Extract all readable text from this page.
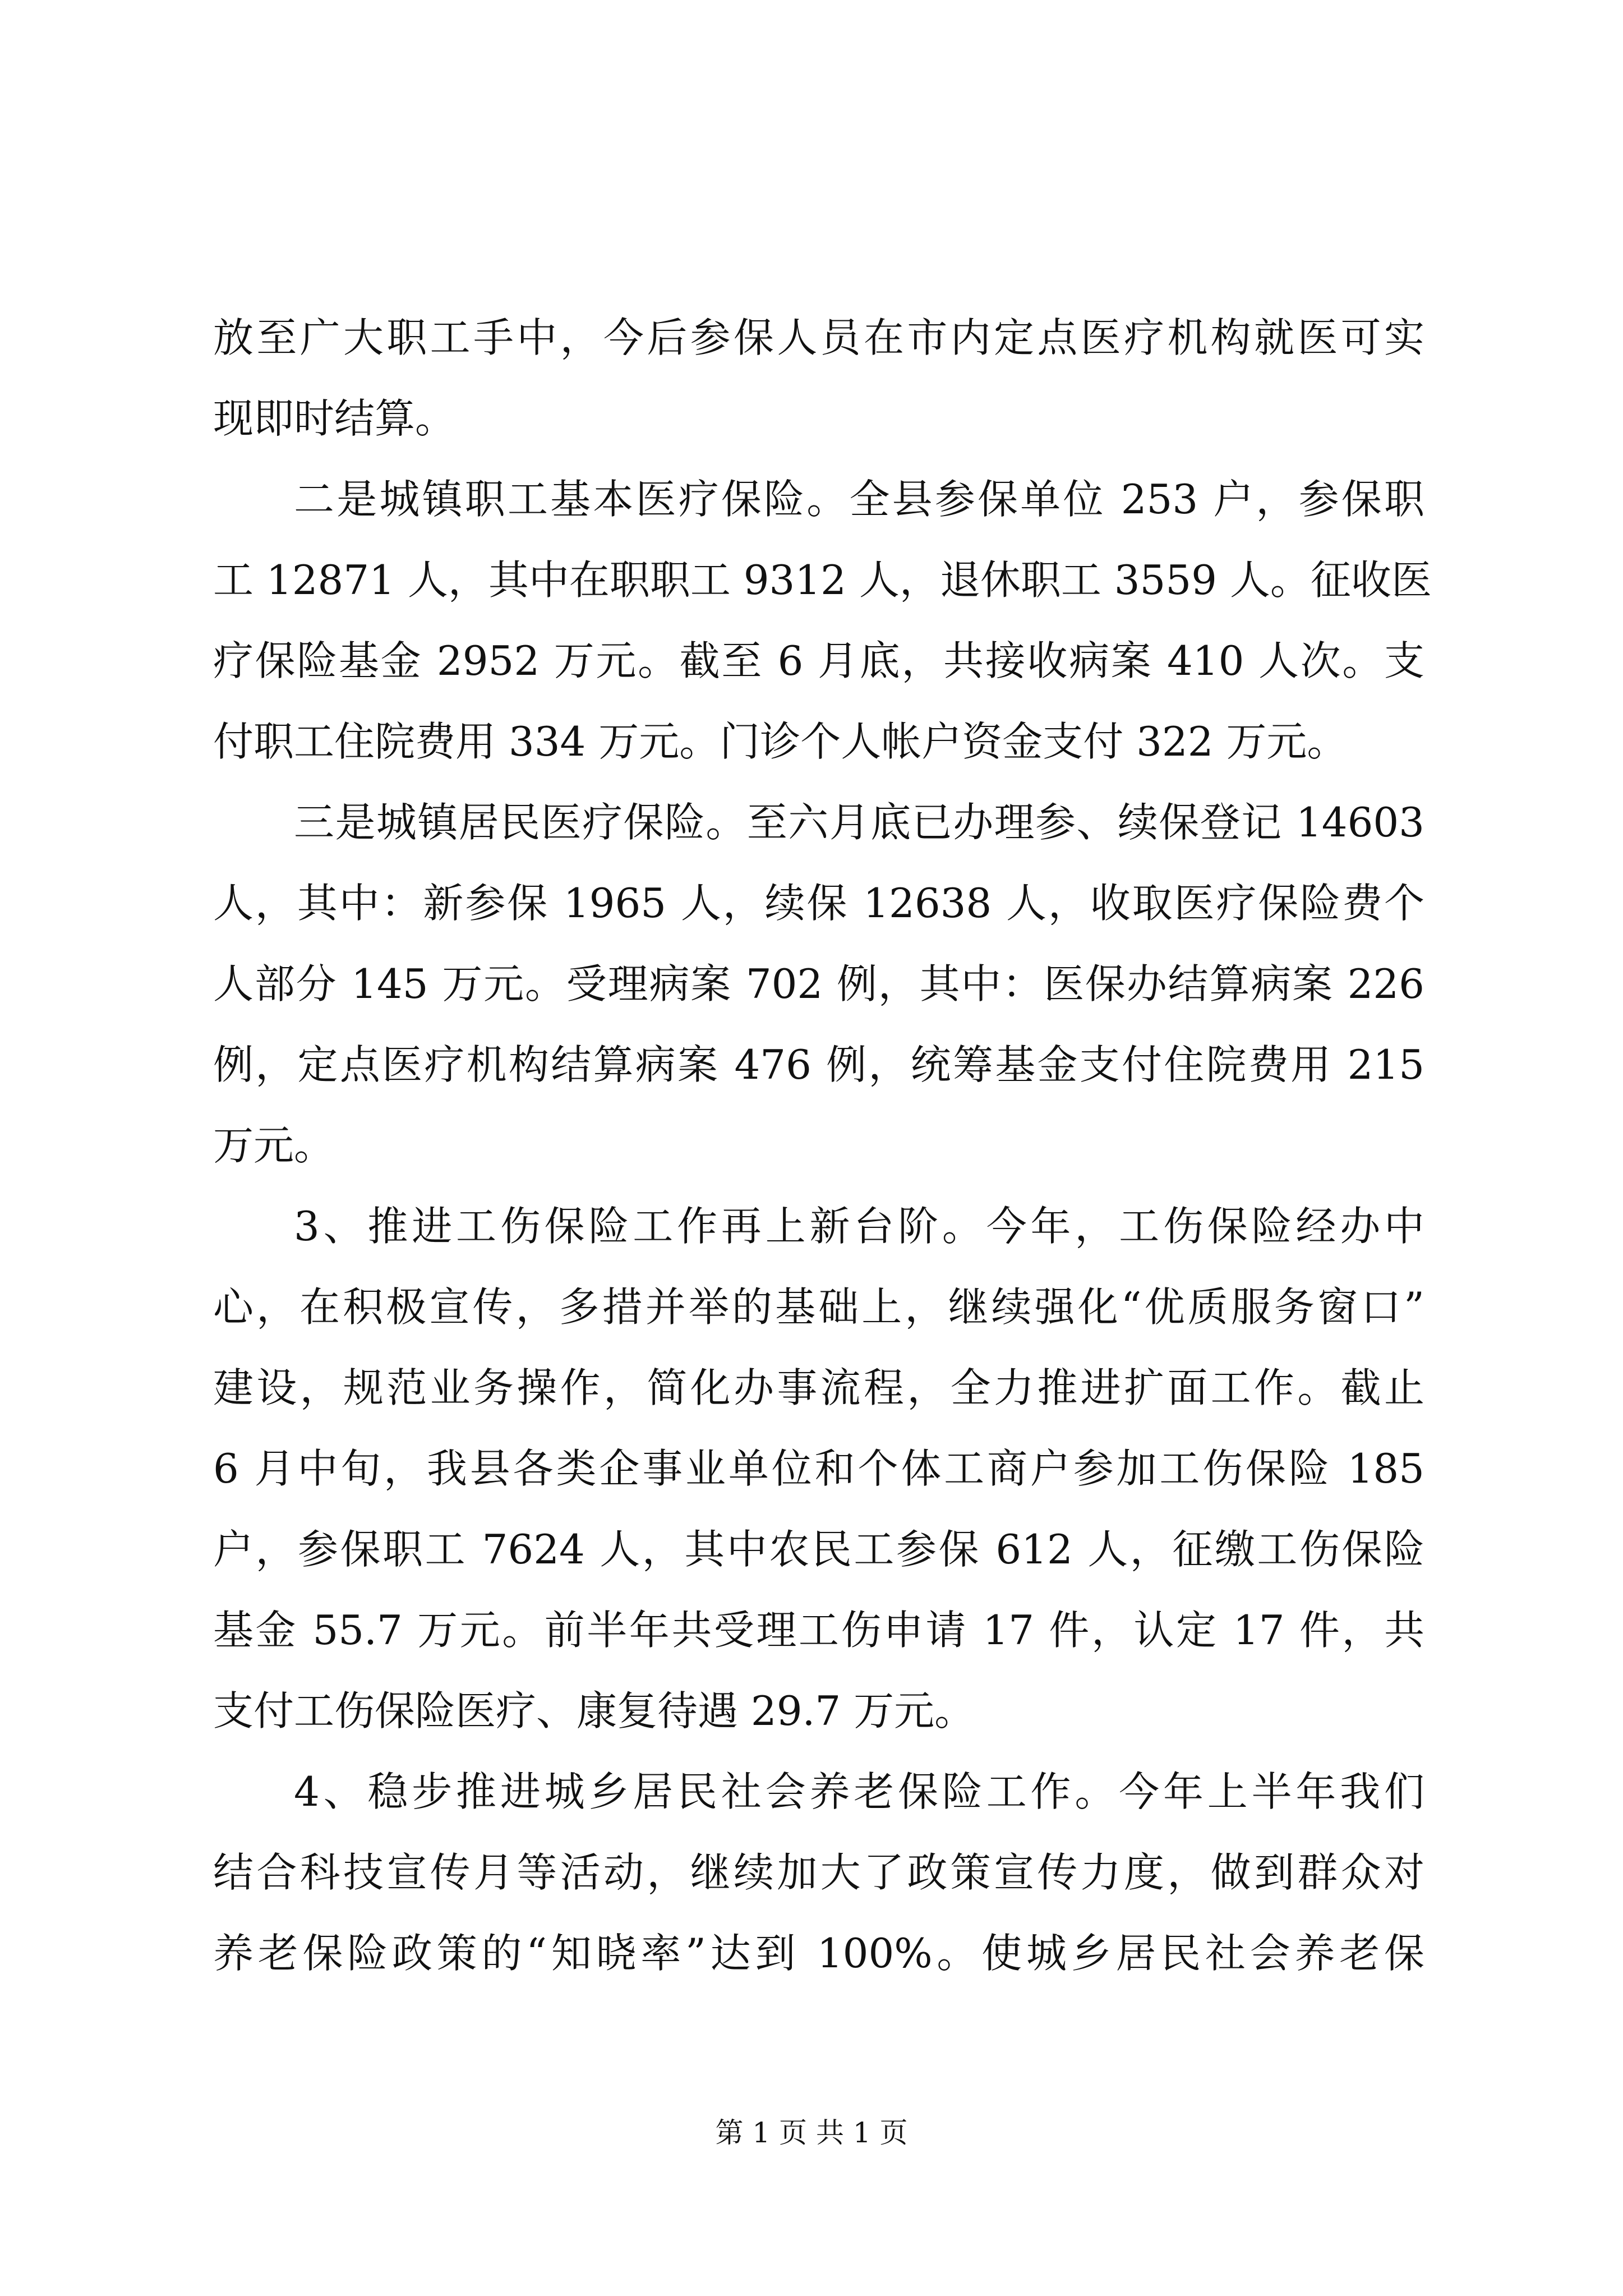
放至广大职工手中，今后参保人员在市内定点医疗机构就医可实
现即时结算。
二是城镇职工基本医疗保险。全县参保单位 253 户，参保职
工 12871 人，其中在职职工 9312 人，退休职工 3559 人。征收医
疗保险基金 2952 万元。截至 6 月底，共接收病案 410 人次。支
付职工住院费用 334 万元。门诊个人帐户资金支付 322 万元。
三是城镇居民医疗保险。至六月底已办理参、续保登记 14603
人，其中：新参保 1965 人，续保 12638 人，收取医疗保险费个
人部分 145 万元。受理病案 702 例，其中：医保办结算病案 226
例，定点医疗机构结算病案 476 例，统筹基金支付住院费用 215
万元。
3、推进工伤保险工作再上新台阶。今年，工伤保险经办中
心，在积极宣传，多措并举的基础上，继续强化“优质服务窗口”
建设，规范业务操作，简化办事流程，全力推进扩面工作。截止
6 月中旬，我县各类企事业单位和个体工商户参加工伤保险 185
户，参保职工 7624 人，其中农民工参保 612 人，征缴工伤保险
基金 55.7 万元。前半年共受理工伤申请 17 件，认定 17 件，共
支付工伤保险医疗、康复待遇 29.7 万元。
4、稳步推进城乡居民社会养老保险工作。今年上半年我们
结合科技宣传月等活动，继续加大了政策宣传力度，做到群众对
养老保险政策的“知晓率”达到 100%。使城乡居民社会养老保
第 1 页 共 1 页
